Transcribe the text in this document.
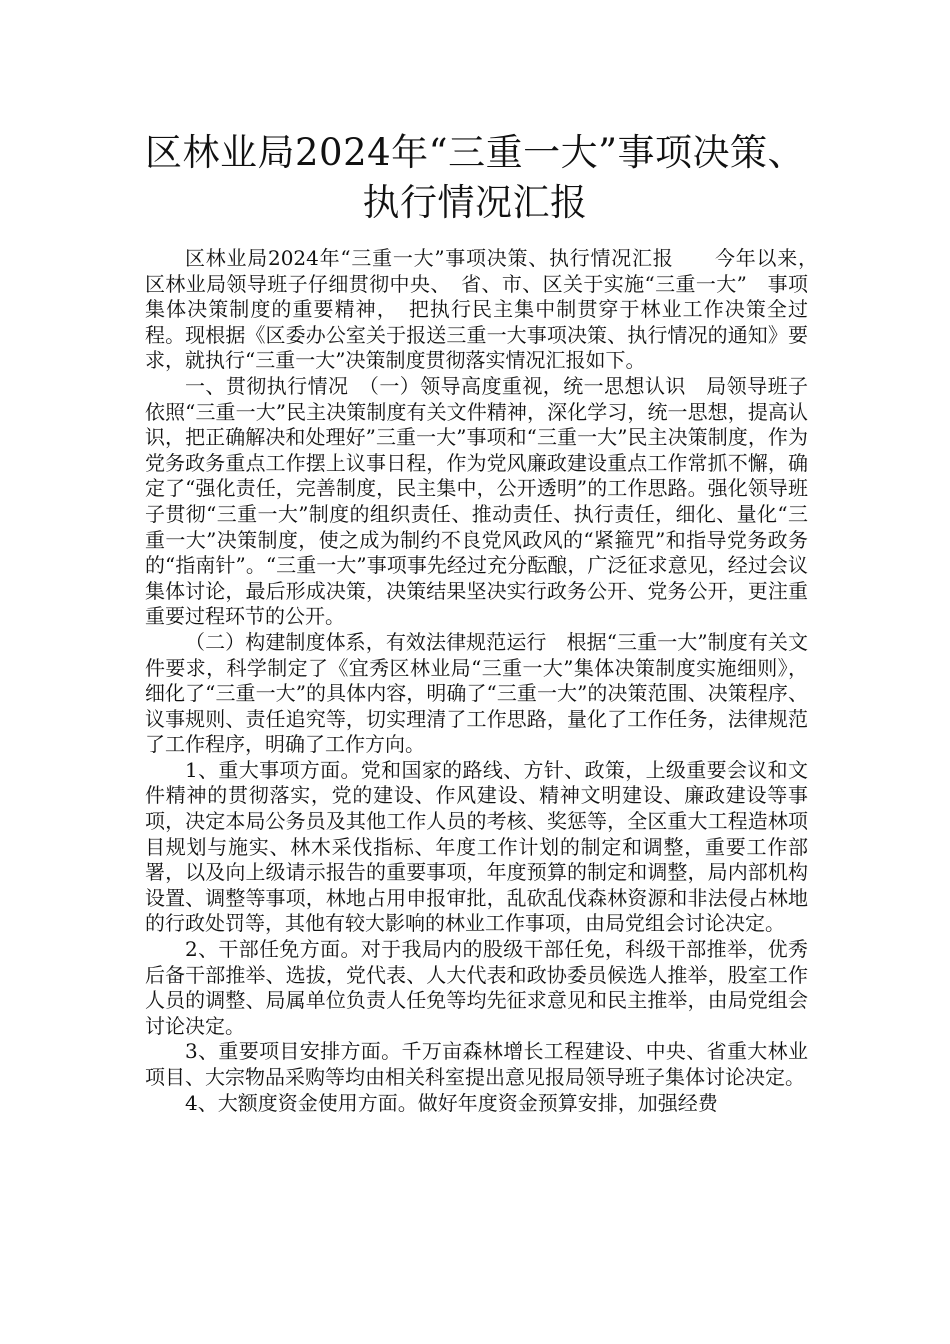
区林业局2024年“三重一大”事项决策、
执行情况汇报

区林业局2024年“三重一大”事项决策、执行情况汇报　　今年以来，　区林业局领导班子仔细贯彻中央、　省、市、区关于实施“三重一大”　事项集体决策制度的重要精神，　把执行民主集中制贯穿于林业工作决策全过程。现根据《区委办公室关于报送三重一大事项决策、执行情况的通知》要求，就执行“三重一大”决策制度贯彻落实情况汇报如下。

一、贯彻执行情况　（一）领导高度重视，统一思想认识　局领导班子依照“三重一大”民主决策制度有关文件精神，深化学习，统一思想，提高认识，把正确解决和处理好”三重一大”事项和“三重一大”民主决策制度，作为党务政务重点工作摆上议事日程，作为党风廉政建设重点工作常抓不懈，确定了“强化责任，完善制度，民主集中，公开透明”的工作思路。强化领导班子贯彻“三重一大”制度的组织责任、推动责任、执行责任，细化、量化“三重一大”决策制度，使之成为制约不良党风政风的“紧箍咒”和指导党务政务的“指南针”。“三重一大”事项事先经过充分酝酿，广泛征求意见，经过会议集体讨论，最后形成决策，决策结果坚决实行政务公开、党务公开，更注重重要过程环节的公开。

（二）构建制度体系，有效法律规范运行　根据“三重一大”制度有关文件要求，科学制定了《宜秀区林业局“三重一大”集体决策制度实施细则》，细化了“三重一大”的具体内容，明确了“三重一大”的决策范围、决策程序、议事规则、责任追究等，切实理清了工作思路，量化了工作任务，法律规范了工作程序，明确了工作方向。

1、重大事项方面。党和国家的路线、方针、政策，上级重要会议和文件精神的贯彻落实，党的建设、作风建设、精神文明建设、廉政建设等事项，决定本局公务员及其他工作人员的考核、奖惩等，全区重大工程造林项目规划与施实、林木采伐指标、年度工作计划的制定和调整，重要工作部署，以及向上级请示报告的重要事项，年度预算的制定和调整，局内部机构设置、调整等事项，林地占用申报审批，乱砍乱伐森林资源和非法侵占林地的行政处罚等，其他有较大影响的林业工作事项，由局党组会讨论决定。

2、干部任免方面。对于我局内的股级干部任免，科级干部推举，优秀后备干部推举、选拔，党代表、人大代表和政协委员候选人推举，股室工作人员的调整、局属单位负责人任免等均先征求意见和民主推举，由局党组会讨论决定。

3、重要项目安排方面。千万亩森林增长工程建设、中央、省重大林业项目、大宗物品采购等均由相关科室提出意见报局领导班子集体讨论决定。

4、大额度资金使用方面。做好年度资金预算安排，加强经费
